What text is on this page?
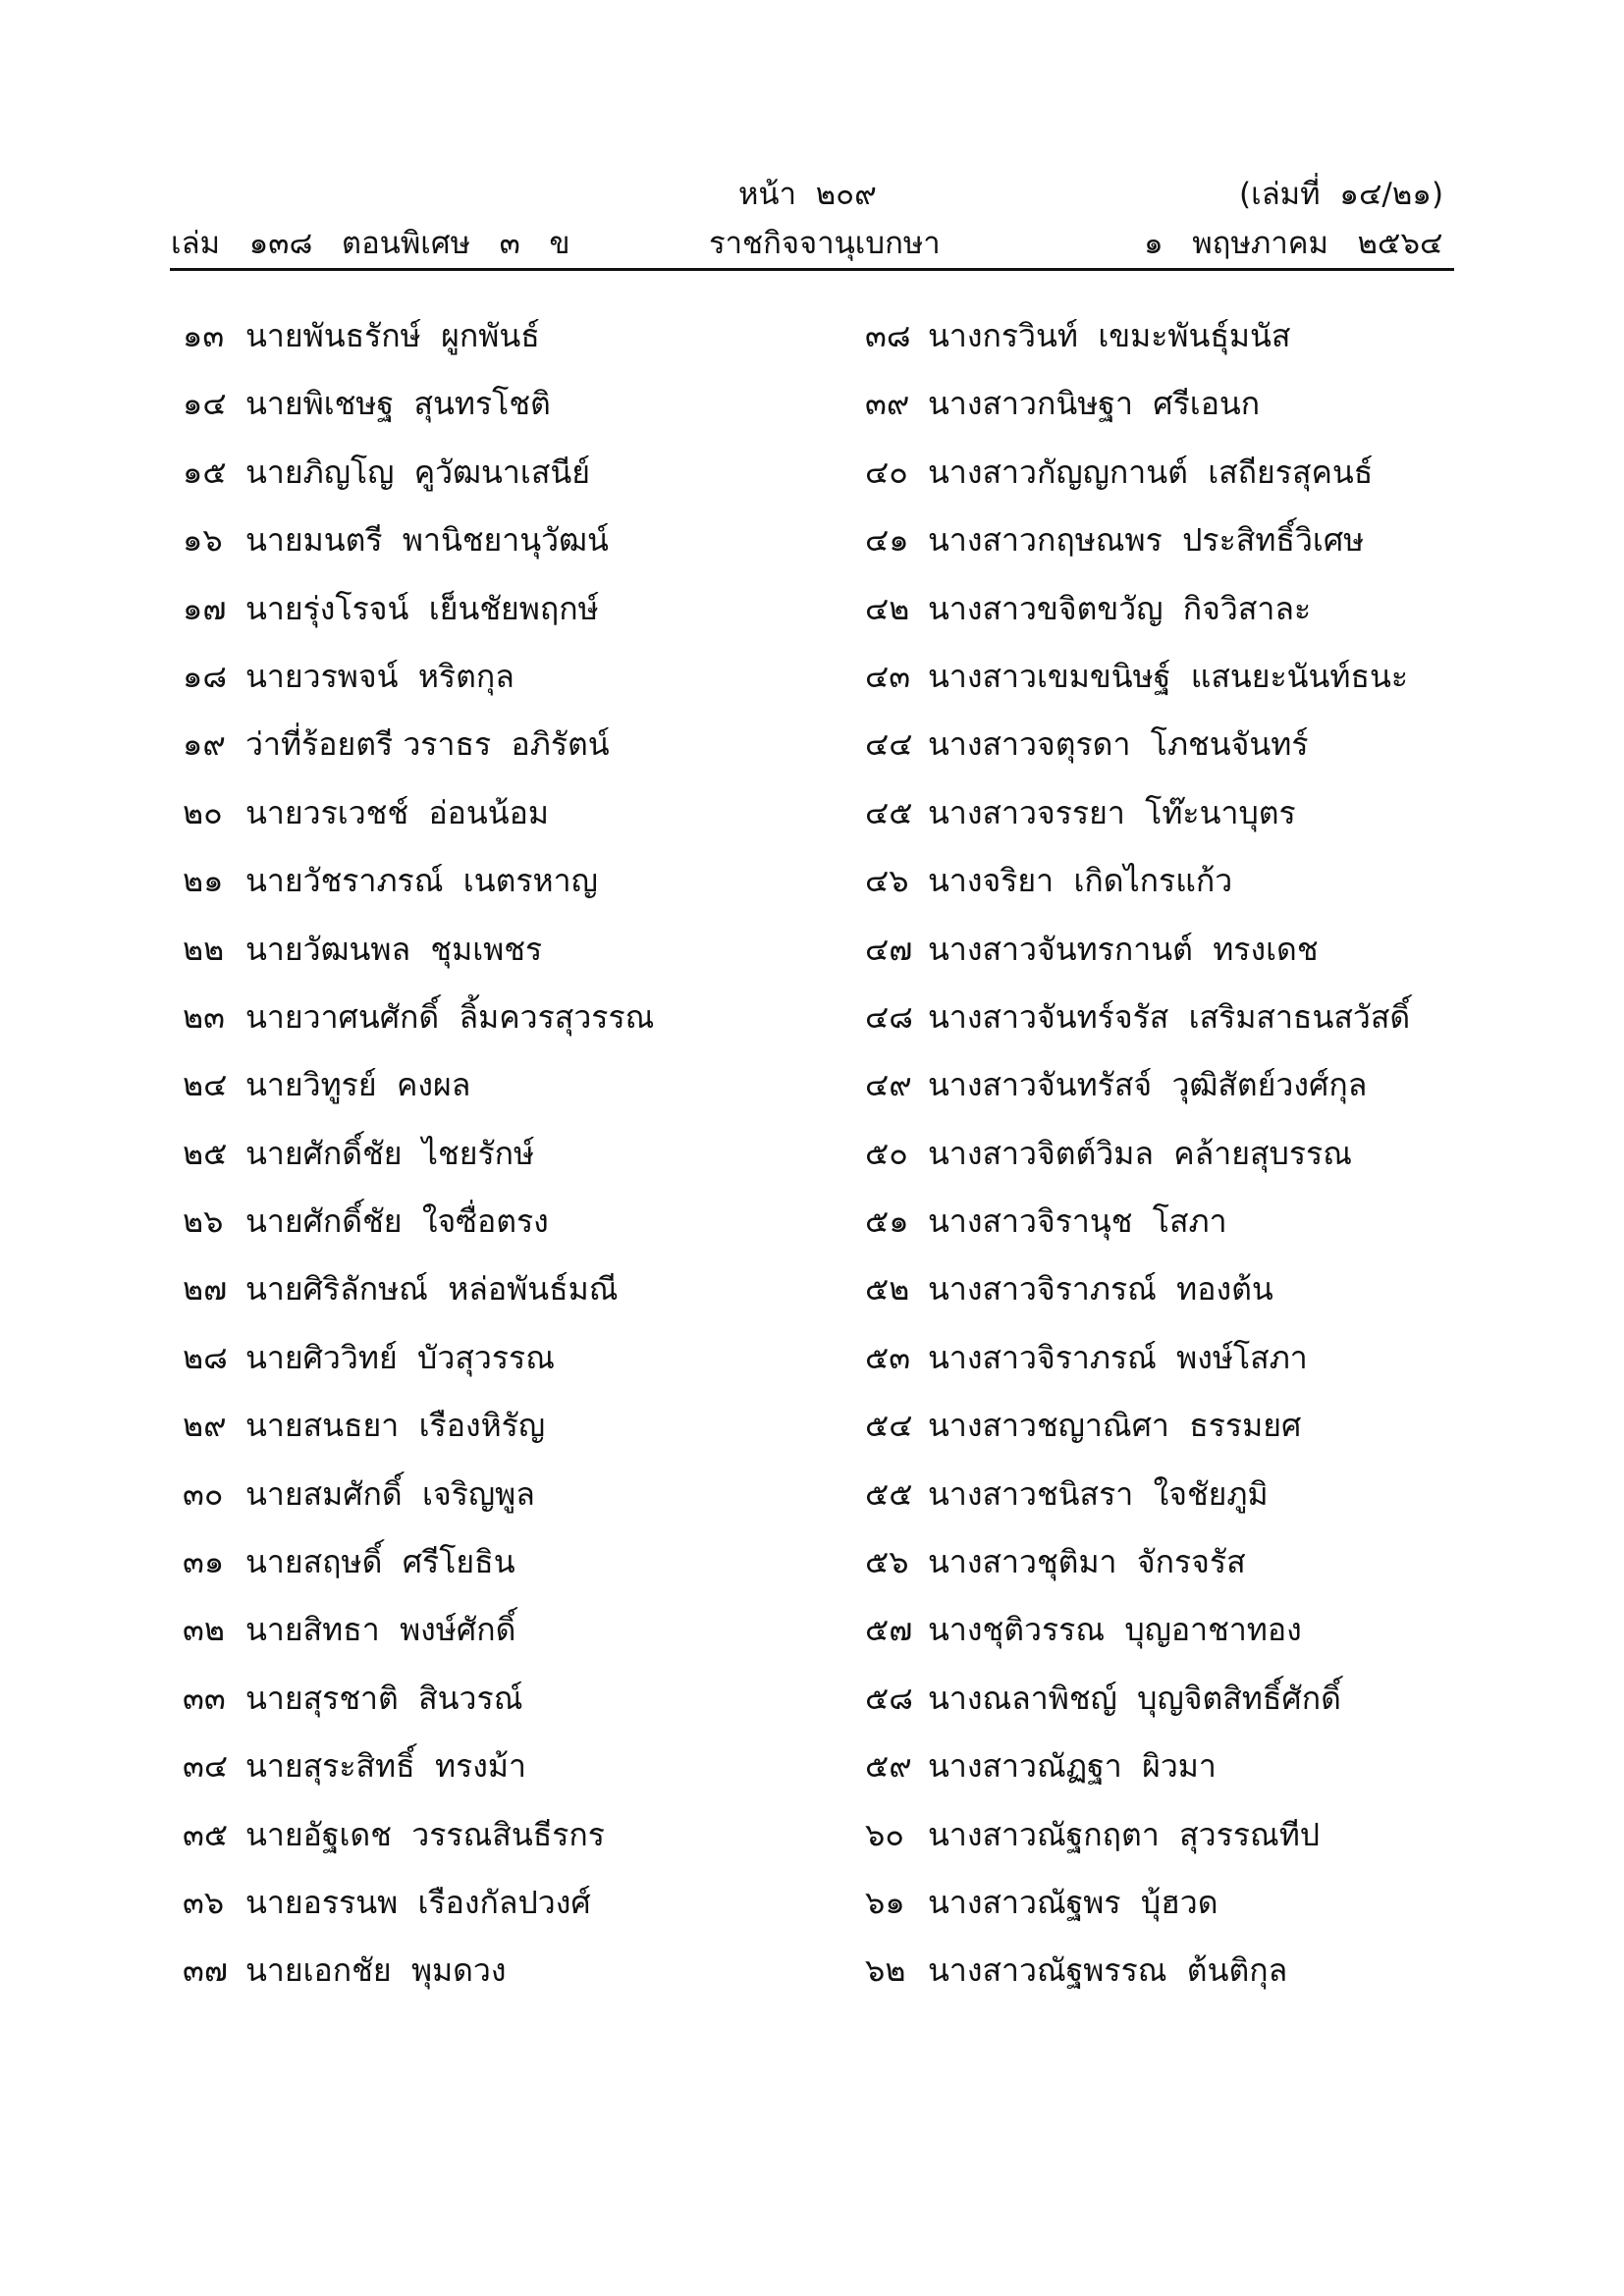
หน้า  ๒๐๙	(เล่มที่  ๑๔/๒๑)
เล่ม   ๑๓๘   ตอนพิเศษ   ๓   ข	ราชกิจจานุเบกษา	๑   พฤษภาคม   ๒๕๖๔
๑๓ นายพันธรักษ์  ผูกพันธ์
๑๔ นายพิเชษฐ  สุนทรโชติ
๑๕ นายภิญโญ  คูวัฒนาเสนีย์
๑๖ นายมนตรี  พานิชยานุวัฒน์
๑๗ นายรุ่งโรจน์  เย็นชัยพฤกษ์
๑๘ นายวรพจน์  หริตกุล
๑๙ ว่าที่ร้อยตรี วราธร  อภิรัตน์
๒๐ นายวรเวชช์  อ่อนน้อม
๒๑ นายวัชราภรณ์  เนตรหาญ
๒๒ นายวัฒนพล  ชุมเพชร
๒๓ นายวาศนศักดิ์  ลิ้มควรสุวรรณ
๒๔ นายวิทูรย์  คงผล
๒๕ นายศักดิ์ชัย  ไชยรักษ์
๒๖ นายศักดิ์ชัย  ใจซื่อตรง
๒๗ นายศิริลักษณ์  หล่อพันธ์มณี
๒๘ นายศิววิทย์  บัวสุวรรณ
๒๙ นายสนธยา  เรืองหิรัญ
๓๐ นายสมศักดิ์  เจริญพูล
๓๑ นายสฤษดิ์  ศรีโยธิน
๓๒ นายสิทธา  พงษ์ศักดิ์
๓๓ นายสุรชาติ  สินวรณ์
๓๔ นายสุระสิทธิ์  ทรงม้า
๓๕ นายอัฐเดช  วรรณสินธีรกร
๓๖ นายอรรนพ  เรืองกัลปวงศ์
๓๗ นายเอกชัย  พุมดวง
๓๘ นางกรวินท์  เขมะพันธุ์มนัส
๓๙ นางสาวกนิษฐา  ศรีเอนก
๔๐ นางสาวกัญญกานต์  เสถียรสุคนธ์
๔๑ นางสาวกฤษณพร  ประสิทธิ์วิเศษ
๔๒ นางสาวขจิตขวัญ  กิจวิสาละ
๔๓ นางสาวเขมขนิษฐ์  แสนยะนันท์ธนะ
๔๔ นางสาวจตุรดา  โภชนจันทร์
๔๕ นางสาวจรรยา  โท๊ะนาบุตร
๔๖ นางจริยา  เกิดไกรแก้ว
๔๗ นางสาวจันทรกานต์  ทรงเดช
๔๘ นางสาวจันทร์จรัส  เสริมสาธนสวัสดิ์
๔๙ นางสาวจันทรัสจ์  วุฒิสัตย์วงศ์กุล
๕๐ นางสาวจิตต์วิมล  คล้ายสุบรรณ
๕๑ นางสาวจิรานุช  โสภา
๕๒ นางสาวจิราภรณ์  ทองต้น
๕๓ นางสาวจิราภรณ์  พงษ์โสภา
๕๔ นางสาวชญาณิศา  ธรรมยศ
๕๕ นางสาวชนิสรา  ใจชัยภูมิ
๕๖ นางสาวชุติมา  จักรจรัส
๕๗ นางชุติวรรณ  บุญอาชาทอง
๕๘ นางณลาพิชญ์  บุญจิตสิทธิ์ศักดิ์
๕๙ นางสาวณัฏฐา  ผิวมา
๖๐ นางสาวณัฐกฤตา  สุวรรณทีป
๖๑ นางสาวณัฐพร  บุ้ฮวด
๖๒ นางสาวณัฐพรรณ  ต้นติกุล
